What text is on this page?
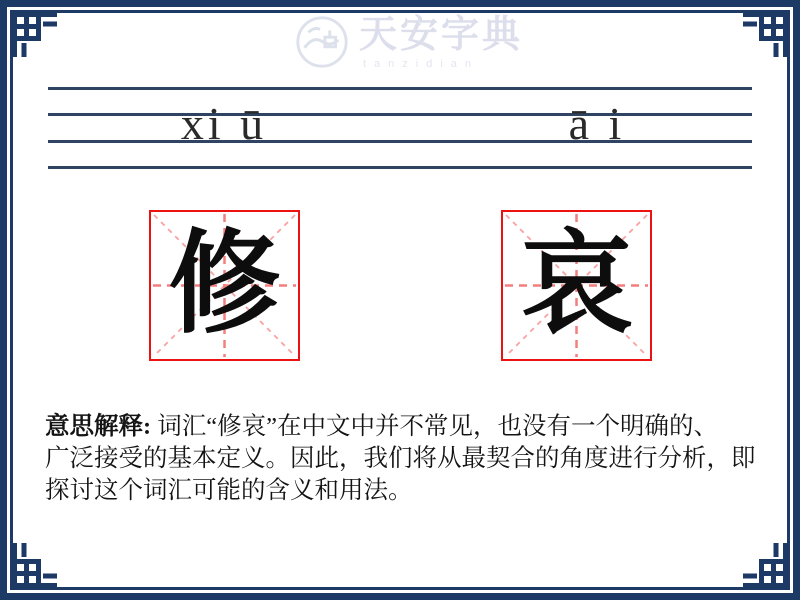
天安字典
tanzidian
xi ū	ā i
修 哀
意思解释: 词汇“修哀”在中文中并不常见，也没有一个明确的、
广泛接受的基本定义。因此，我们将从最契合的角度进行分析，即
探讨这个词汇可能的含义和用法。
